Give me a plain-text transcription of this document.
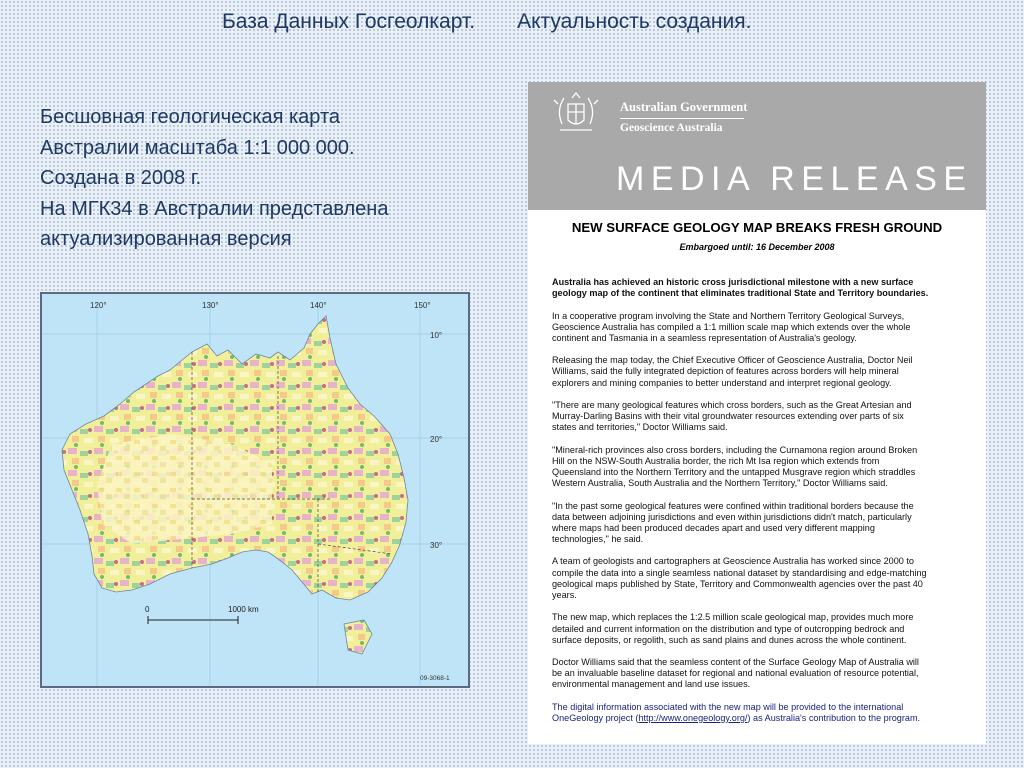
База Данных Госгеолкарт. Актуальность создания.
Бесшовная геологическая карта
Австралии масштаба 1:1 000 000.
Создана в 2008 г.
На МГК34 в Австралии представлена
актуализированная версия
120°	130°	140°	150°
10°
20°
30°
0	1000 km
09-3068-1
Australian Government
Geoscience Australia
MEDIA RELEASE
NEW SURFACE GEOLOGY MAP BREAKS FRESH GROUND
Embargoed until: 16 December 2008

Australia has achieved an historic cross jurisdictional milestone with a new surface
geology map of the continent that eliminates traditional State and Territory boundaries.

In a cooperative program involving the State and Northern Territory Geological Surveys,
Geoscience Australia has compiled a 1:1 million scale map which extends over the whole
continent and Tasmania in a seamless representation of Australia's geology.

Releasing the map today, the Chief Executive Officer of Geoscience Australia, Doctor Neil
Williams, said the fully integrated depiction of features across borders will help mineral
explorers and mining companies to better understand and interpret regional geology.

"There are many geological features which cross borders, such as the Great Artesian and
Murray-Darling Basins with their vital groundwater resources extending over parts of six
states and territories," Doctor Williams said.

"Mineral-rich provinces also cross borders, including the Curnamona region around Broken
Hill on the NSW-South Australia border, the rich Mt Isa region which extends from
Queensland into the Northern Territory and the untapped Musgrave region which straddles
Western Australia, South Australia and the Northern Territory," Doctor Williams said.

"In the past some geological features were confined within traditional borders because the
data between adjoining jurisdictions and even within jurisdictions didn't match, particularly
where maps had been produced decades apart and used very different mapping
technologies," he said.

A team of geologists and cartographers at Geoscience Australia has worked since 2000 to
compile the data into a single seamless national dataset by standardising and edge-matching
geological maps published by State, Territory and Commonwealth agencies over the past 40
years.

The new map, which replaces the 1:2.5 million scale geological map, provides much more
detailed and current information on the distribution and type of outcropping bedrock and
surface deposits, or regolith, such as sand plains and dunes across the whole continent.

Doctor Williams said that the seamless content of the Surface Geology Map of Australia will
be an invaluable baseline dataset for regional and national evaluation of resource potential,
environmental management and land use issues.

The digital information associated with the new map will be provided to the international
OneGeology project (http://www.onegeology.org/) as Australia's contribution to the program.
